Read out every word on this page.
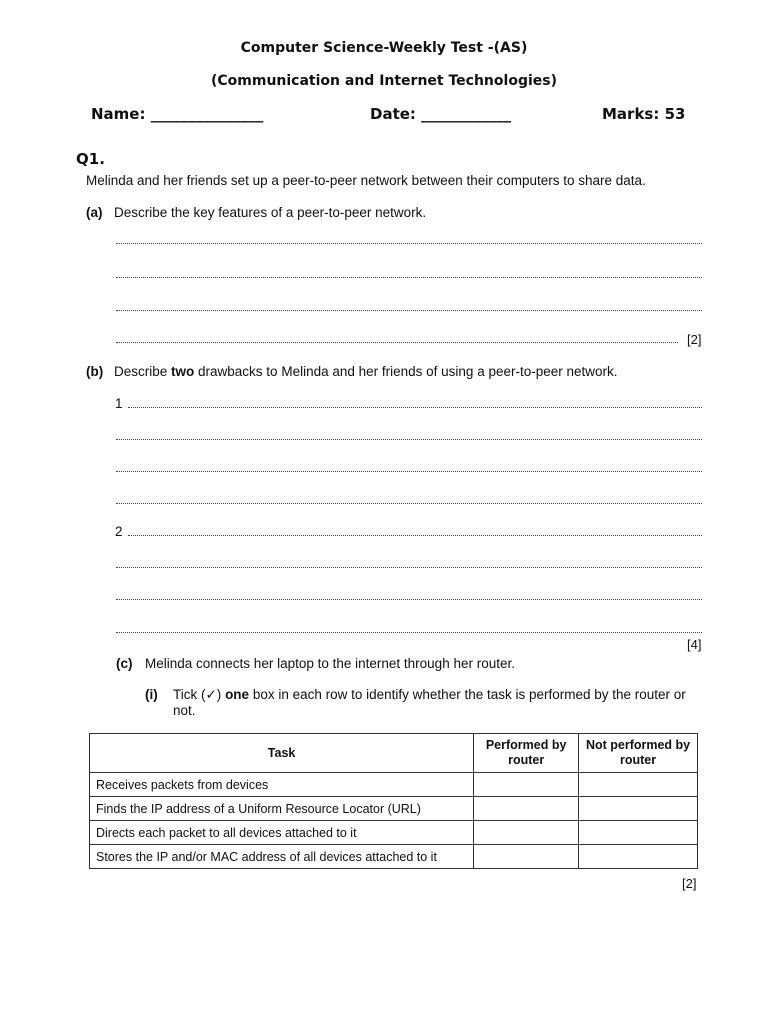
Computer Science-Weekly Test -(AS)
(Communication and Internet Technologies)
Name: _______________	Date: ____________	Marks: 53
Q1.
Melinda and her friends set up a peer-to-peer network between their computers to share data.
(a) Describe the key features of a peer-to-peer network.
[2]
(b) Describe two drawbacks to Melinda and her friends of using a peer-to-peer network.
1
2
[4]
(c) Melinda connects her laptop to the internet through her router.
(i) Tick (✓) one box in each row to identify whether the task is performed by the router or
not.
Task	Performed by router	Not performed by router
Receives packets from devices		
Finds the IP address of a Uniform Resource Locator (URL)		
Directs each packet to all devices attached to it		
Stores the IP and/or MAC address of all devices attached to it		
[2]
